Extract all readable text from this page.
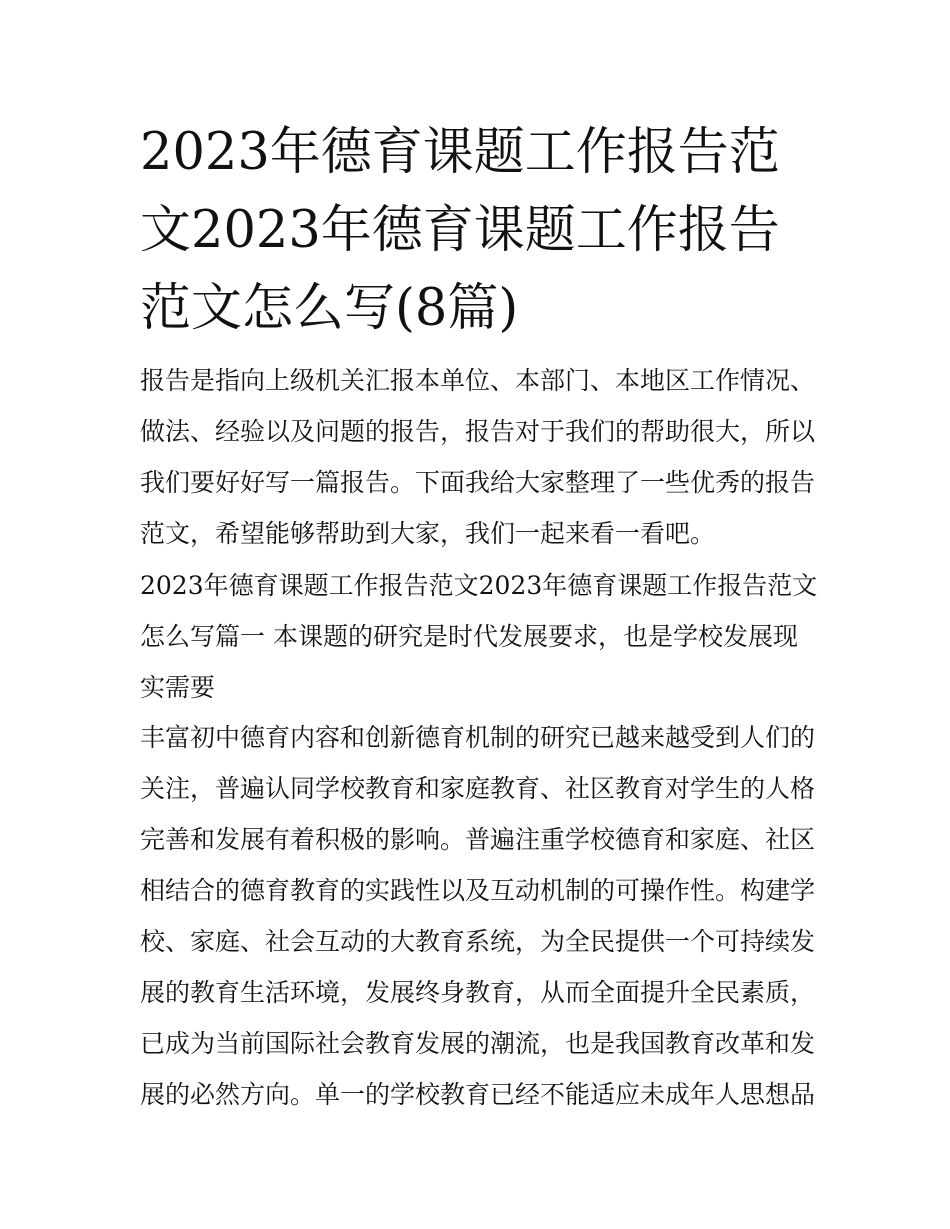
2023年德育课题工作报告范文2023年德育课题工作报告范文怎么写(8篇)

报告是指向上级机关汇报本单位、本部门、本地区工作情况、做法、经验以及问题的报告，报告对于我们的帮助很大，所以我们要好好写一篇报告。下面我给大家整理了一些优秀的报告范文，希望能够帮助到大家，我们一起来看一看吧。

2023年德育课题工作报告范文2023年德育课题工作报告范文怎么写篇一 本课题的研究是时代发展要求，也是学校发展现实需要

丰富初中德育内容和创新德育机制的研究已越来越受到人们的关注，普遍认同学校教育和家庭教育、社区教育对学生的人格完善和发展有着积极的影响。普遍注重学校德育和家庭、社区相结合的德育教育的实践性以及互动机制的可操作性。构建学校、家庭、社会互动的大教育系统，为全民提供一个可持续发展的教育生活环境，发展终身教育，从而全面提升全民素质，已成为当前国际社会教育发展的潮流，也是我国教育改革和发展的必然方向。单一的学校教育已经不能适应未成年人思想品
